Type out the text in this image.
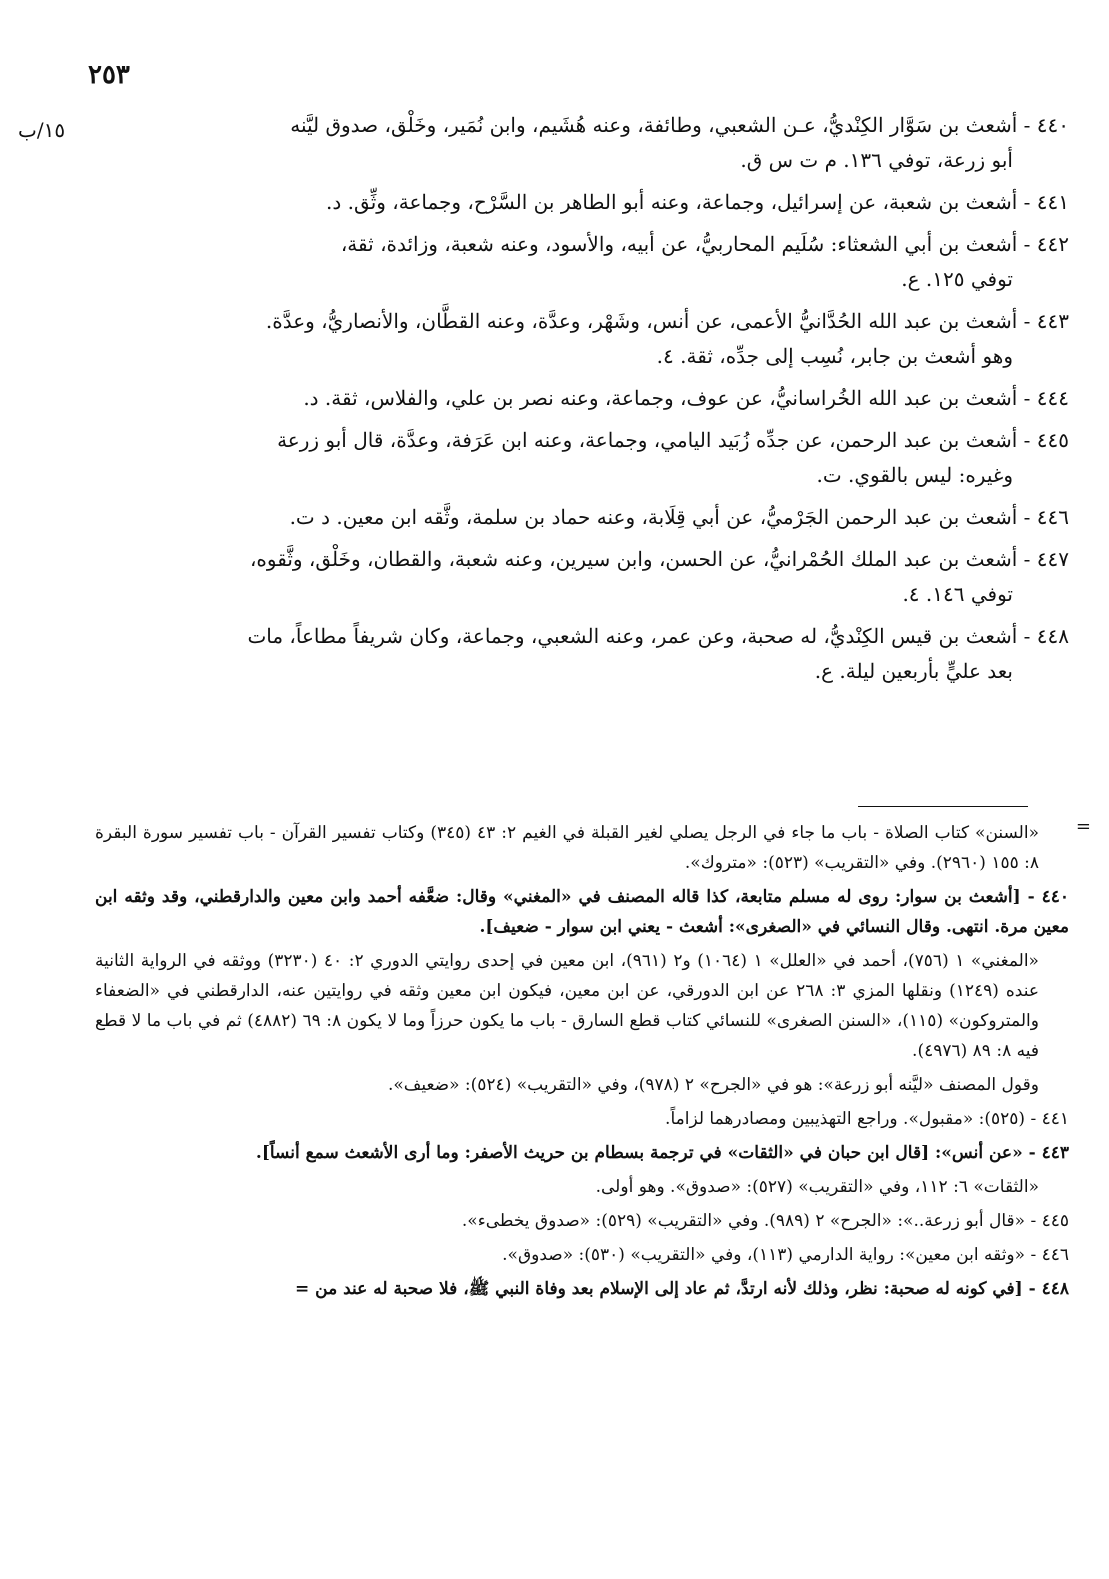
٢٥٣
١٥/ب	٤٤٠ - أشعث بن سَوَّار الكِنْديُّ، عـن الشعبي، وطائفة، وعنه هُشَيم، وابن نُمَير، وخَلْق، صدوق ليَّنه
أبو زرعة، توفي ١٣٦. م ت س ق.
٤٤١ - أشعث بن شعبة، عن إسرائيل، وجماعة، وعنه أبو الطاهر بن السَّرْح، وجماعة، وثِّق. د.
٤٤٢ - أشعث بن أبي الشعثاء: سُلَيم المحاربيُّ، عن أبيه، والأسود، وعنه شعبة، وزائدة، ثقة،
توفي ١٢٥. ع.
٤٤٣ - أشعث بن عبد الله الحُدَّانيُّ الأعمى، عن أنس، وشَهْر، وعدَّة، وعنه القطَّان، والأنصاريُّ، وعدَّة.
وهو أشعث بن جابر، نُسِب إلى جدِّه، ثقة. ٤.
٤٤٤ - أشعث بن عبد الله الخُراسانيُّ، عن عوف، وجماعة، وعنه نصر بن علي، والفلاس، ثقة. د.
٤٤٥ - أشعث بن عبد الرحمن، عن جدِّه زُبَيد اليامي، وجماعة، وعنه ابن عَرَفة، وعدَّة، قال أبو زرعة
وغيره: ليس بالقوي. ت.
٤٤٦ - أشعث بن عبد الرحمن الجَرْميُّ، عن أبي قِلَابة، وعنه حماد بن سلمة، وثَّقه ابن معين. د ت.
٤٤٧ - أشعث بن عبد الملك الحُمْرانيُّ، عن الحسن، وابن سيرين، وعنه شعبة، والقطان، وخَلْق، وثَّقوه،
توفي ١٤٦. ٤.
٤٤٨ - أشعث بن قيس الكِنْديُّ، له صحبة، وعن عمر، وعنه الشعبي، وجماعة، وكان شريفاً مطاعاً، مات
بعد عليٍّ بأربعين ليلة. ع.
=

«السنن» كتاب الصلاة - باب ما جاء في الرجل يصلي لغير القبلة في الغيم ٢: ٤٣ (٣٤٥) وكتاب تفسير القرآن - باب تفسير سورة البقرة ٨: ١٥٥ (٢٩٦٠). وفي «التقريب» (٥٢٣): «متروك».

٤٤٠ - [أشعث بن سوار: روى له مسلم متابعة، كذا قاله المصنف في «المغني» وقال: ضعَّفه أحمد وابن معين والدارقطني، وقد وثقه ابن معين مرة. انتهى. وقال النسائي في «الصغرى»: أشعث - يعني ابن سوار - ضعيف].

«المغني» ١ (٧٥٦)، أحمد في «العلل» ١ (١٠٦٤) و٢ (٩٦١)، ابن معين في إحدى روايتي الدوري ٢: ٤٠ (٣٢٣٠) ووثقه في الرواية الثانية عنده (١٢٤٩) ونقلها المزي ٣: ٢٦٨ عن ابن الدورقي، عن ابن معين، فيكون ابن معين وثقه في روايتين عنه، الدارقطني في «الضعفاء والمتروكون» (١١٥)، «السنن الصغرى» للنسائي كتاب قطع السارق - باب ما يكون حرزاً وما لا يكون ٨: ٦٩ (٤٨٨٢) ثم في باب ما لا قطع فيه ٨: ٨٩ (٤٩٧٦).

وقول المصنف «ليَّنه أبو زرعة»: هو في «الجرح» ٢ (٩٧٨)، وفي «التقريب» (٥٢٤): «ضعيف».

٤٤١ - (٥٢٥): «مقبول». وراجع التهذيبين ومصادرهما لزاماً.

٤٤٣ - «عن أنس»: [قال ابن حبان في «الثقات» في ترجمة بسطام بن حريث الأصفر: وما أرى الأشعث سمع أنساً].

«الثقات» ٦: ١١٢، وفي «التقريب» (٥٢٧): «صدوق». وهو أولى.

٤٤٥ - «قال أبو زرعة..»: «الجرح» ٢ (٩٨٩). وفي «التقريب» (٥٢٩): «صدوق يخطىء».

٤٤٦ - «وثقه ابن معين»: رواية الدارمي (١١٣)، وفي «التقريب» (٥٣٠): «صدوق».

٤٤٨ - [في كونه له صحبة: نظر، وذلك لأنه ارتدَّ، ثم عاد إلى الإسلام بعد وفاة النبي ﷺ، فلا صحبة له عند من =
